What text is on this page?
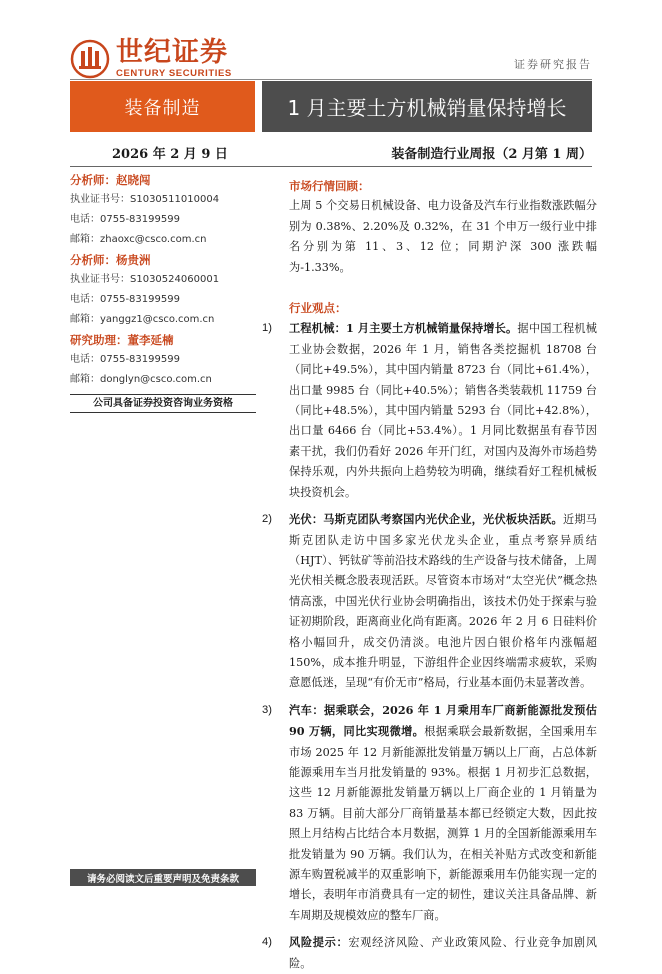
世纪证券
CENTURY SECURITIES
证券研究报告
装备制造	1 月主要土方机械销量保持增长
2026 年 2 月 9 日	装备制造行业周报（2 月第 1 周）
分析师：赵晓闯
执业证书号：S1030511010004
电话：0755-83199599
邮箱：zhaoxc@csco.com.cn
分析师：杨贵洲
执业证书号：S1030524060001
电话：0755-83199599
邮箱：yanggz1@csco.com.cn
研究助理：董李延楠
电话：0755-83199599
邮箱：donglyn@csco.com.cn
公司具备证券投资咨询业务资格
请务必阅读文后重要声明及免责条款
市场行情回顾：
上周 5 个交易日机械设备、电力设备及汽车行业指数涨跌幅分别为 0.38%、2.20%及 0.32%，在 31 个申万一级行业中排名分别为第 11、3、12 位；同期沪深 300 涨跌幅为-1.33%。
行业观点：
1) 工程机械：1 月主要土方机械销量保持增长。据中国工程机械工业协会数据，2026 年 1 月，销售各类挖掘机 18708 台（同比+49.5%），其中国内销量 8723 台（同比+61.4%），出口量 9985 台（同比+40.5%）；销售各类装载机 11759 台（同比+48.5%），其中国内销量 5293 台（同比+42.8%），出口量 6466 台（同比+53.4%）。1 月同比数据虽有春节因素干扰，我们仍看好 2026 年开门红，对国内及海外市场趋势保持乐观，内外共振向上趋势较为明确，继续看好工程机械板块投资机会。
2) 光伏：马斯克团队考察国内光伏企业，光伏板块活跃。近期马斯克团队走访中国多家光伏龙头企业，重点考察异质结（HJT）、钙钛矿等前沿技术路线的生产设备与技术储备，上周光伏相关概念股表现活跃。尽管资本市场对“太空光伏”概念热情高涨，中国光伏行业协会明确指出，该技术仍处于探索与验证初期阶段，距离商业化尚有距离。2026 年 2 月 6 日硅料价格小幅回升，成交仍清淡。电池片因白银价格年内涨幅超 150%，成本推升明显，下游组件企业因终端需求疲软，采购意愿低迷，呈现“有价无市”格局，行业基本面仍未显著改善。
3) 汽车：据乘联会，2026 年 1 月乘用车厂商新能源批发预估 90 万辆，同比实现微增。根据乘联会最新数据，全国乘用车市场 2025 年 12 月新能源批发销量万辆以上厂商，占总体新能源乘用车当月批发销量的 93%。根据 1 月初步汇总数据，这些 12 月新能源批发销量万辆以上厂商企业的 1 月销量为 83 万辆。目前大部分厂商销量基本都已经锁定大数，因此按照上月结构占比结合本月数据，测算 1 月的全国新能源乘用车批发销量为 90 万辆。我们认为，在相关补贴方式改变和新能源车购置税减半的双重影响下，新能源乘用车仍能实现一定的增长，表明年市消费具有一定的韧性，建议关注具备品牌、新车周期及规模效应的整车厂商。
4) 风险提示：宏观经济风险、产业政策风险、行业竞争加剧风险。
